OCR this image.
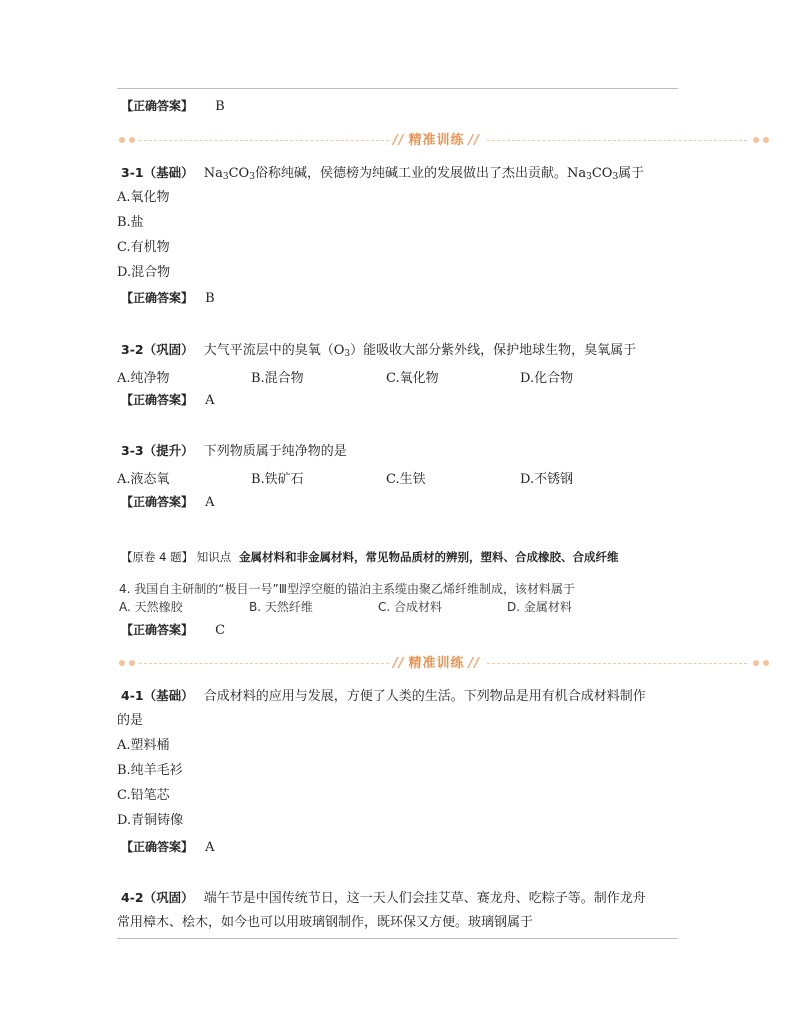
【正确答案】 B
// 精准训练 //
3-1（基础） $Na_3CO_3$俗称纯碱，侯德榜为纯碱工业的发展做出了杰出贡献。$Na_3CO_3$属于
A.氧化物
B.盐
C.有机物
D.混合物
【正确答案】 B
3-2（巩固） 大气平流层中的臭氧$(O_3)$能吸收大部分紫外线，保护地球生物，臭氧属于
A.纯净物	B.混合物	C.氧化物	D.化合物
【正确答案】 A
3-3（提升） 下列物质属于纯净物的是
A.液态氧	B.铁矿石	C.生铁	D.不锈钢
【正确答案】 A
【原卷 4 题】 知识点 金属材料和非金属材料，常见物品质材的辨别，塑料、合成橡胶、合成纤维
4. 我国自主研制的“极目一号”Ⅲ型浮空艇的锚泊主系缆由聚乙烯纤维制成，该材料属于
A. 天然橡胶	B. 天然纤维	C. 合成材料	D. 金属材料
【正确答案】 C
// 精准训练 //
4-1（基础） 合成材料的应用与发展，方便了人类的生活。下列物品是用有机合成材料制作
的是
A.塑料桶
B.纯羊毛衫
C.铅笔芯
D.青铜铸像
【正确答案】 A
4-2（巩固） 端午节是中国传统节日，这一天人们会挂艾草、赛龙舟、吃粽子等。制作龙舟
常用樟木、桧木，如今也可以用玻璃钢制作，既环保又方便。玻璃钢属于
